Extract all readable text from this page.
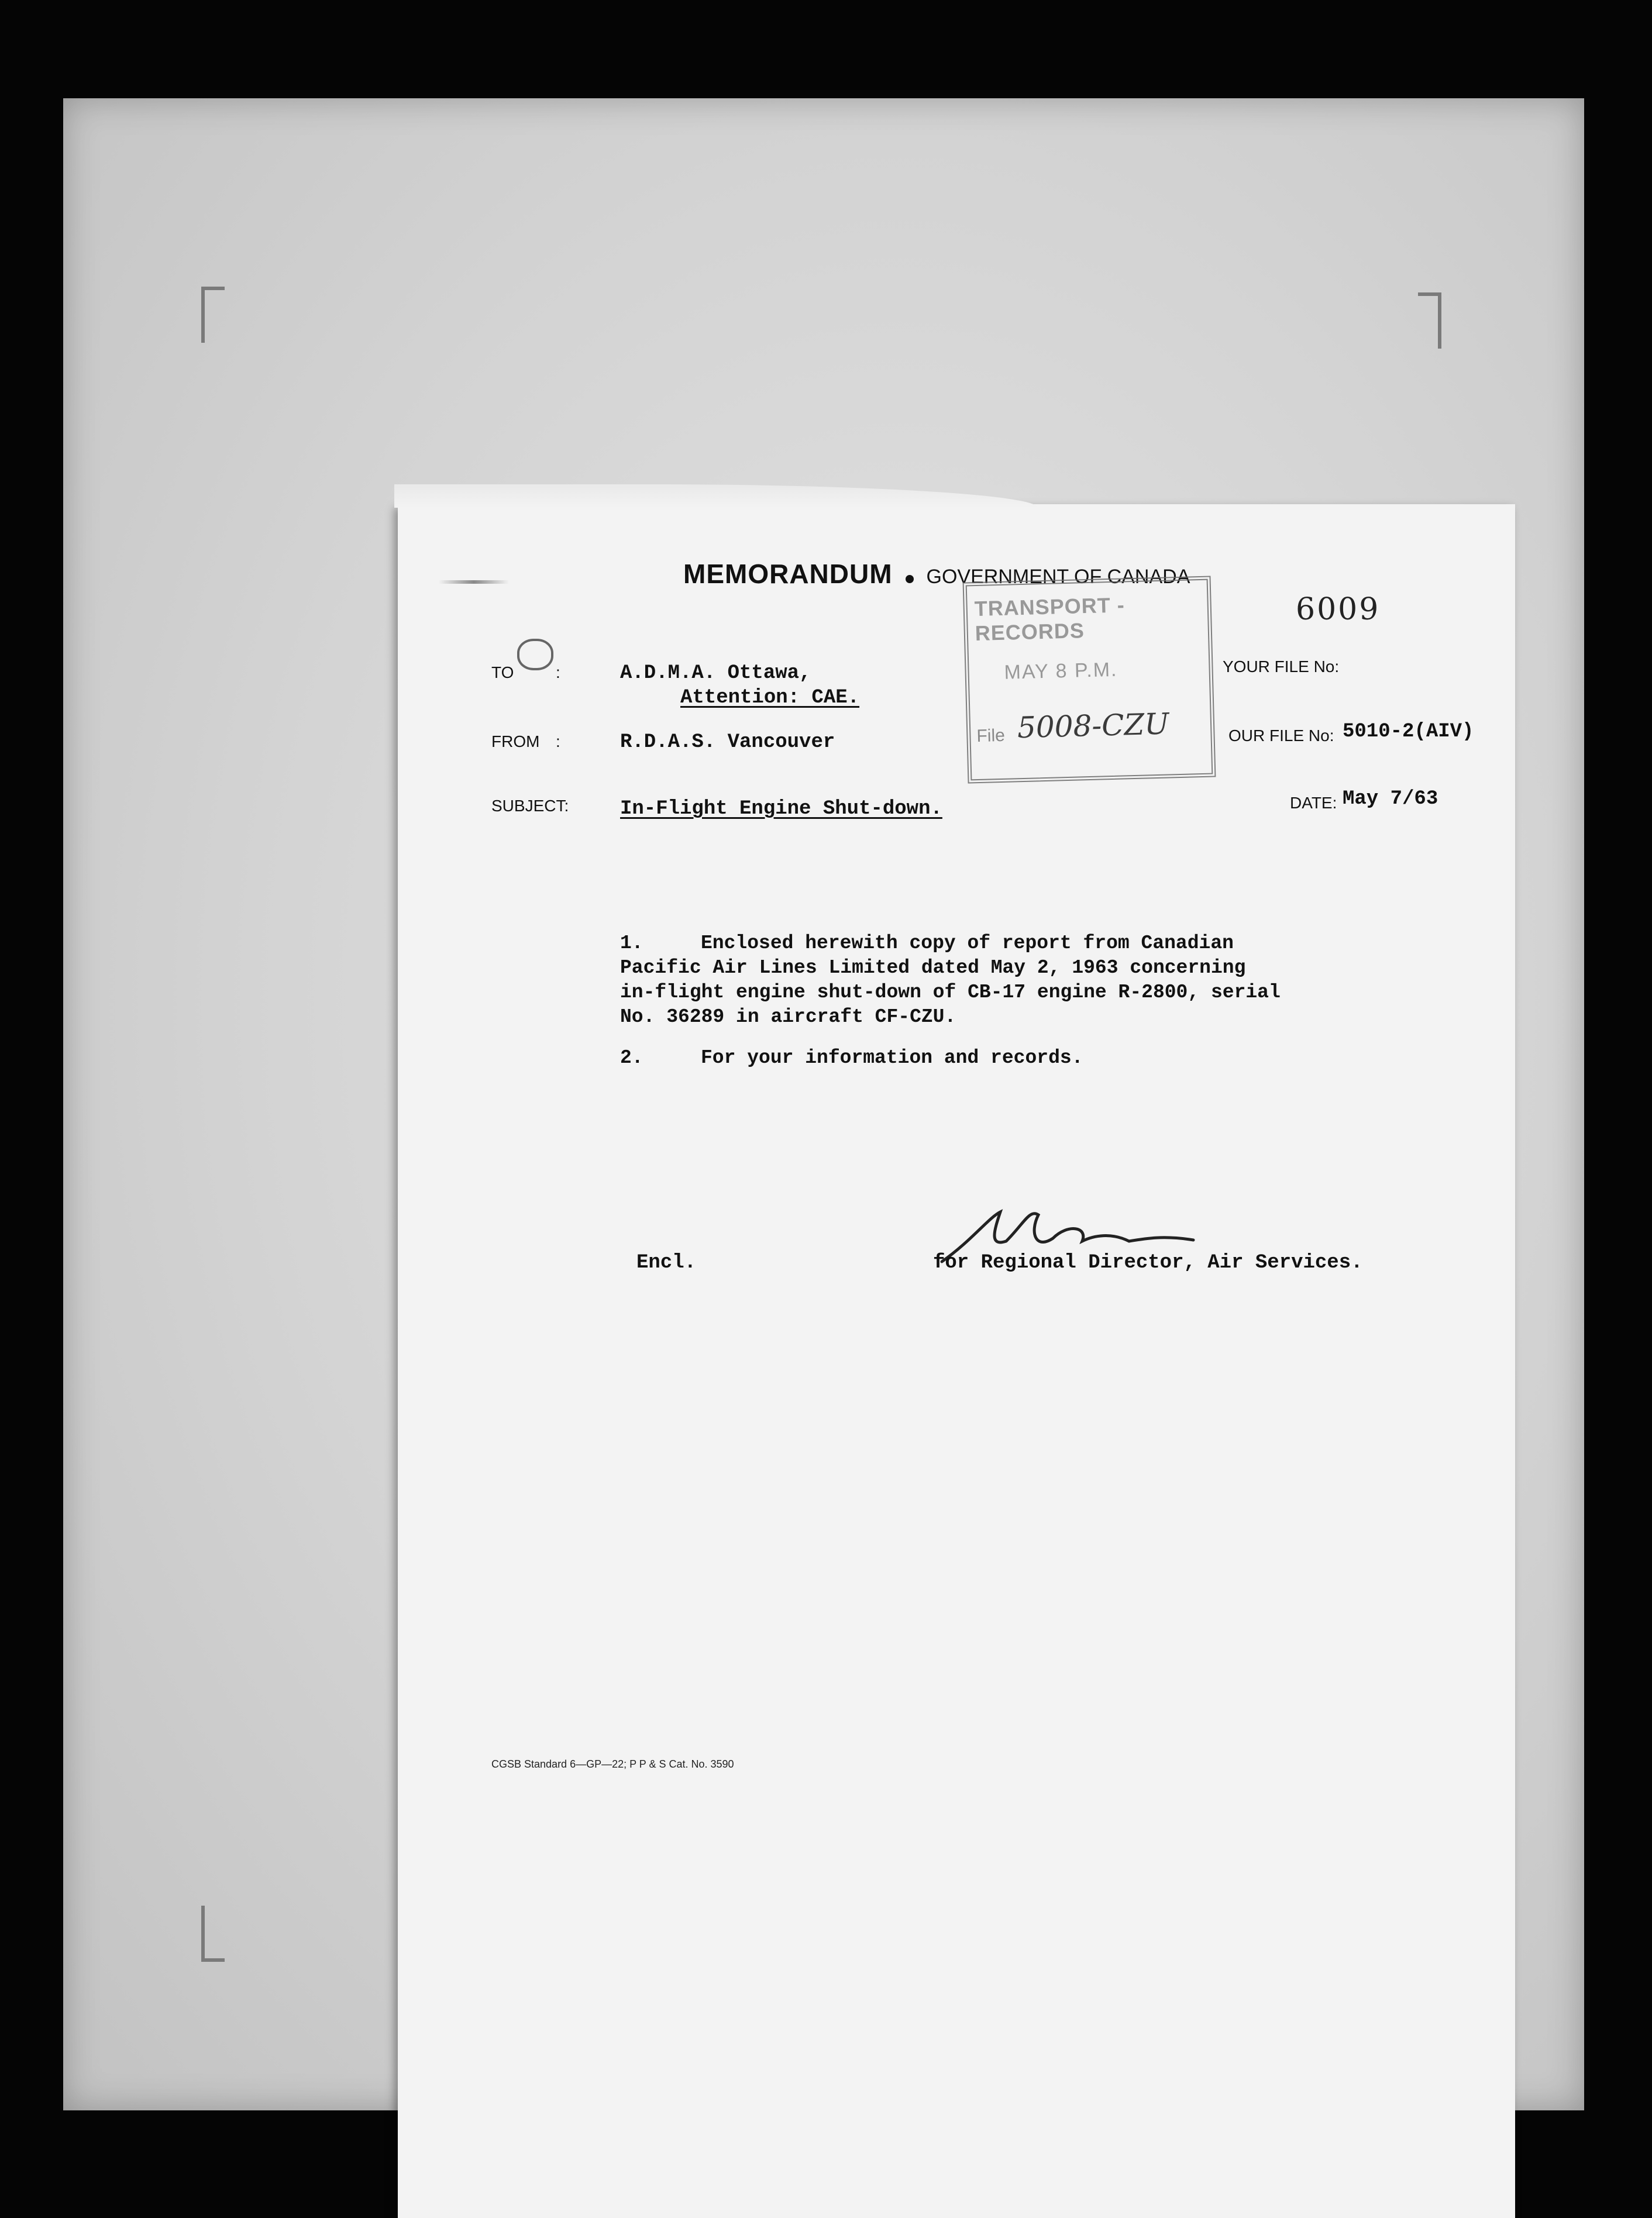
MEMORANDUM GOVERNMENT OF CANADA
6009
TRANSPORT - RECORDS
MAY 8 P.M.
File 5008-CZU
TO	:	A.D.M.A. Ottawa,
Attention: CAE.
FROM :	R.D.A.S. Vancouver
SUBJECT:	In-Flight Engine Shut-down.
YOUR FILE No:
OUR FILE No: 5010-2(AIV)
DATE: May 7/63
1.	Enclosed herewith copy of report from Canadian
Pacific Air Lines Limited dated May 2, 1963 concerning
in-flight engine shut-down of CB-17 engine R-2800, serial
No. 36289 in aircraft CF-CZU.
2.	For your information and records.
Encl.	for Regional Director, Air Services.
CGSB Standard 6—GP—22; P P & S Cat. No. 3590
